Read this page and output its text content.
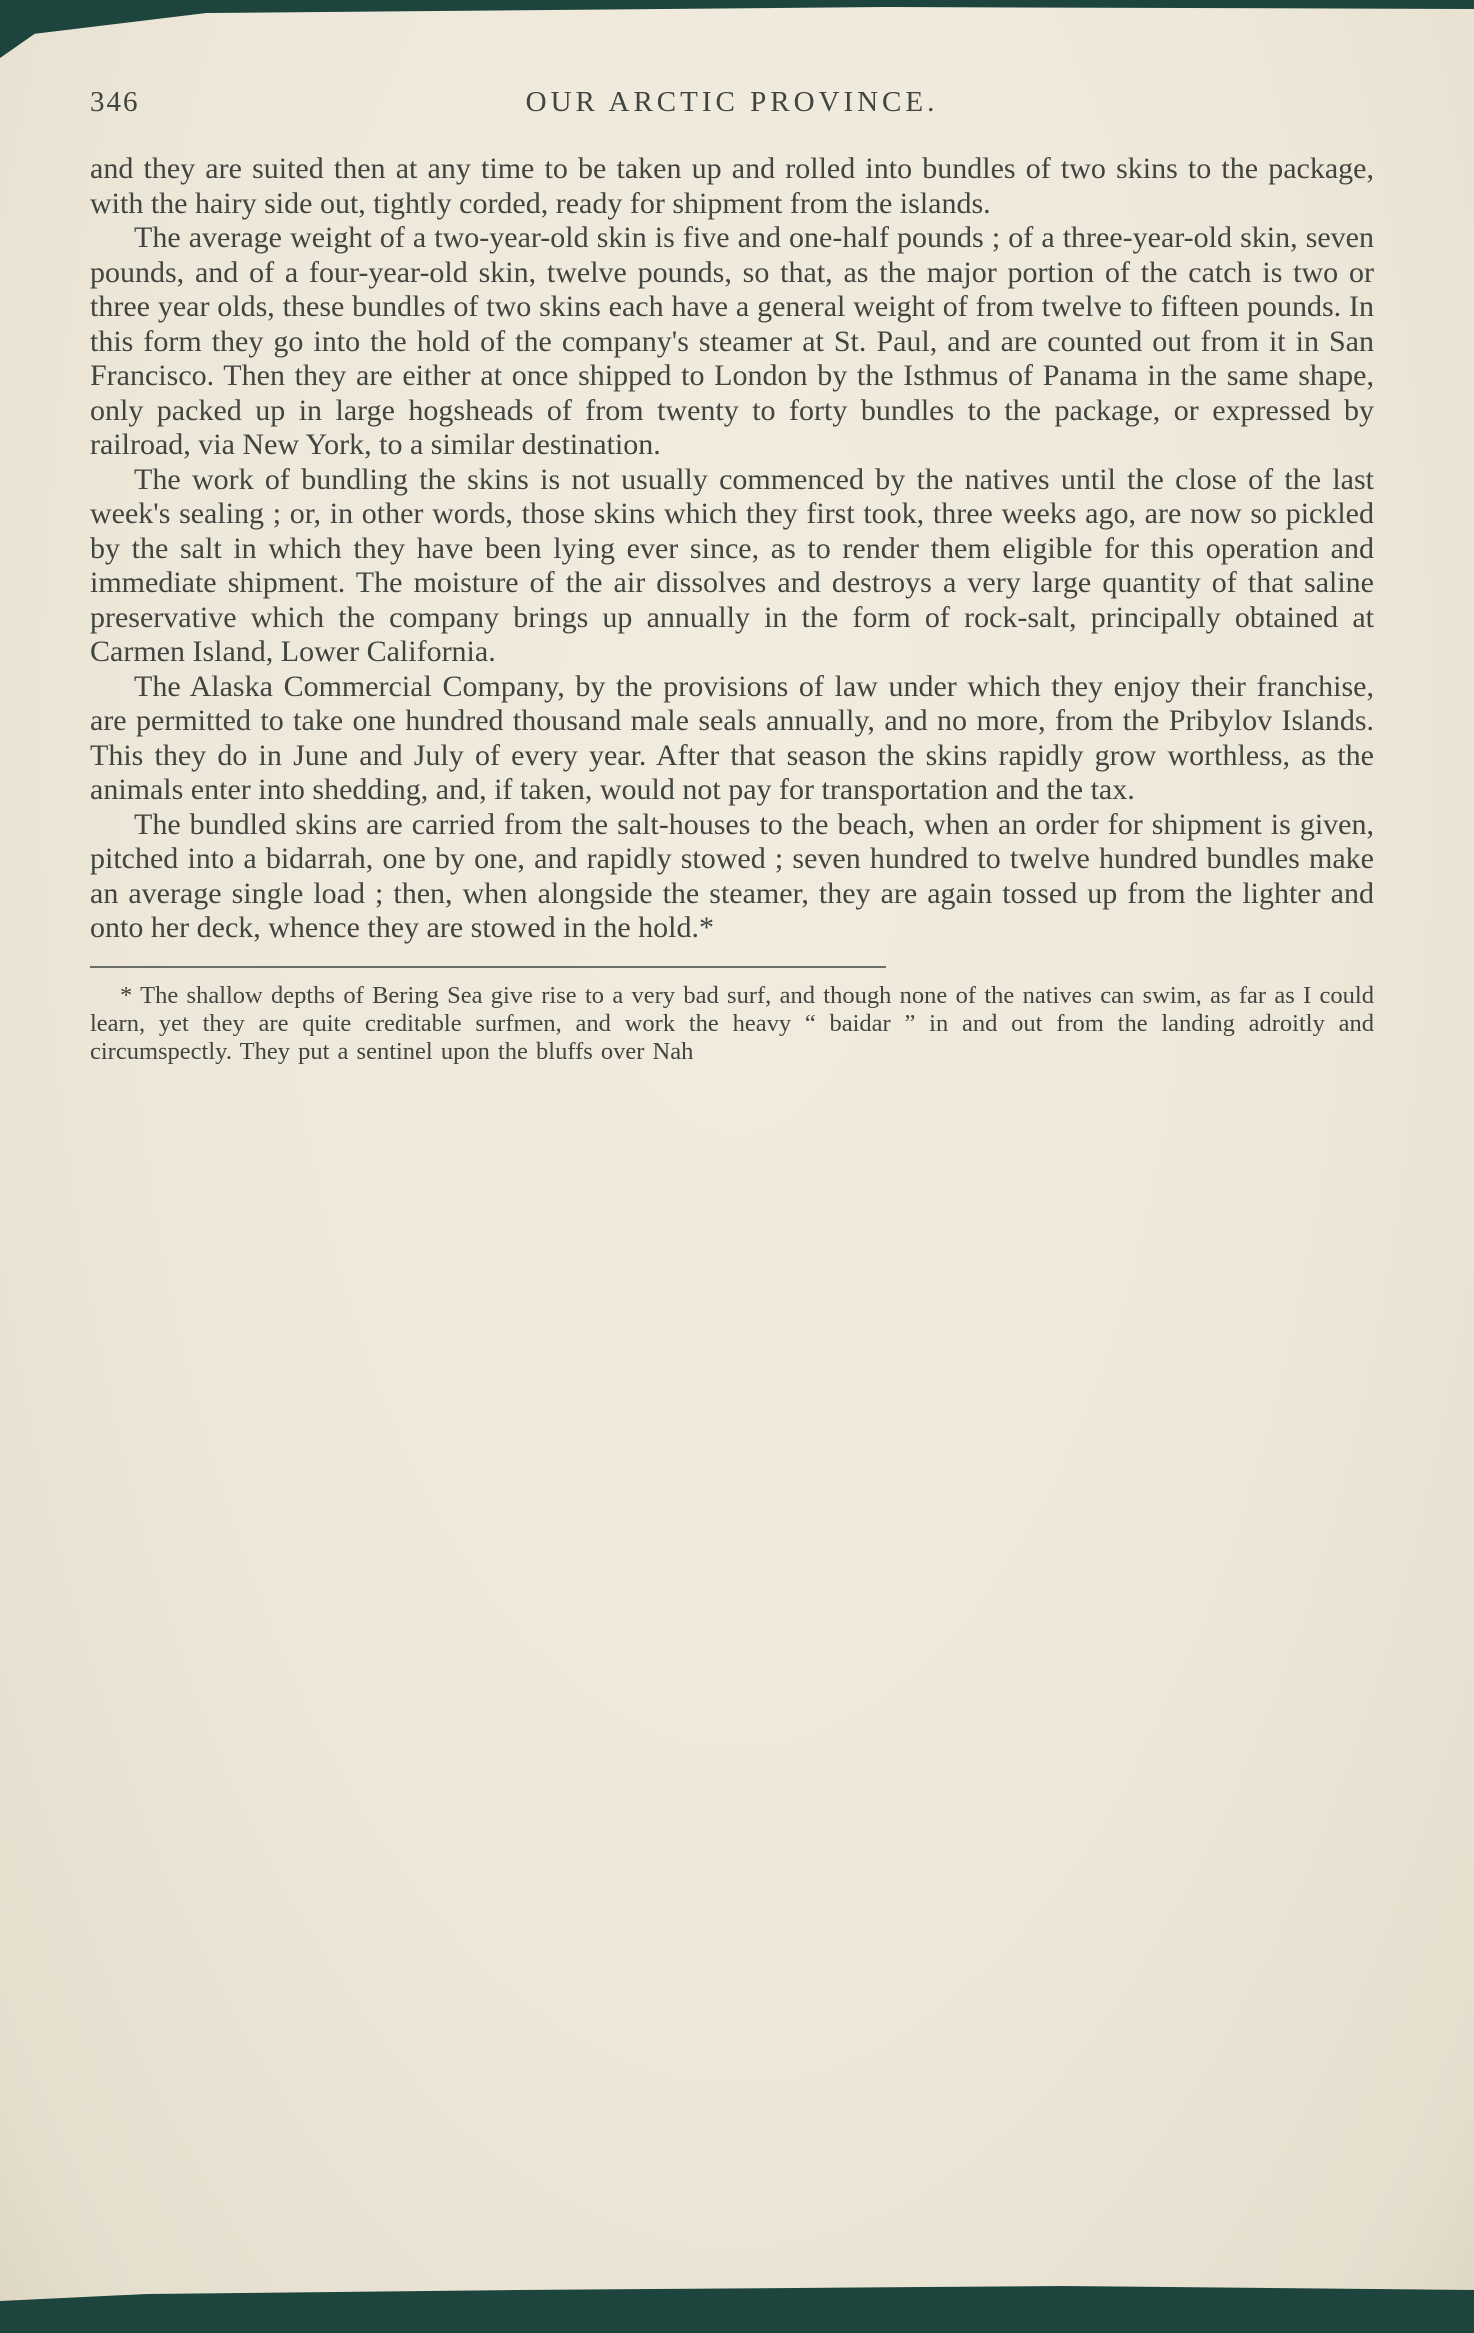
346	OUR ARCTIC PROVINCE.

and they are suited then at any time to be taken up and rolled into bundles of two skins to the package, with the hairy side out, tightly corded, ready for shipment from the islands.

The average weight of a two-year-old skin is five and one-half pounds ; of a three-year-old skin, seven pounds, and of a four-year-old skin, twelve pounds, so that, as the major portion of the catch is two or three year olds, these bundles of two skins each have a general weight of from twelve to fifteen pounds. In this form they go into the hold of the company's steamer at St. Paul, and are counted out from it in San Francisco. Then they are either at once shipped to London by the Isthmus of Panama in the same shape, only packed up in large hogsheads of from twenty to forty bundles to the package, or expressed by railroad, via New York, to a similar destination.

The work of bundling the skins is not usually commenced by the natives until the close of the last week's sealing ; or, in other words, those skins which they first took, three weeks ago, are now so pickled by the salt in which they have been lying ever since, as to render them eligible for this operation and immediate shipment. The moisture of the air dissolves and destroys a very large quantity of that saline preservative which the company brings up annually in the form of rock-salt, principally obtained at Carmen Island, Lower California.

The Alaska Commercial Company, by the provisions of law under which they enjoy their franchise, are permitted to take one hundred thousand male seals annually, and no more, from the Pribylov Islands. This they do in June and July of every year. After that season the skins rapidly grow worthless, as the animals enter into shedding, and, if taken, would not pay for transportation and the tax.

The bundled skins are carried from the salt-houses to the beach, when an order for shipment is given, pitched into a bidarrah, one by one, and rapidly stowed ; seven hundred to twelve hundred bundles make an average single load ; then, when alongside the steamer, they are again tossed up from the lighter and onto her deck, whence they are stowed in the hold.*

* The shallow depths of Bering Sea give rise to a very bad surf, and though none of the natives can swim, as far as I could learn, yet they are quite creditable surfmen, and work the heavy “ baidar ” in and out from the landing adroitly and circumspectly. They put a sentinel upon the bluffs over Nah
